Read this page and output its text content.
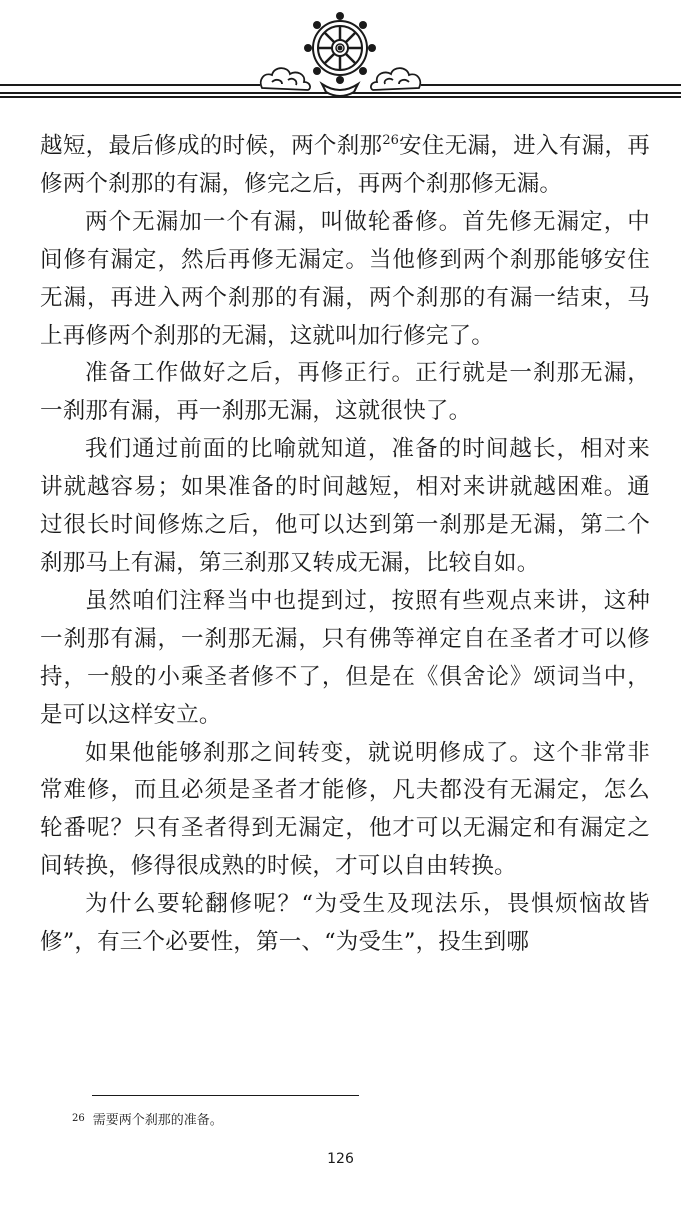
越短，最后修成的时候，两个刹那$^{26}$安住无漏，进入有漏，再修两个刹那的有漏，修完之后，再两个刹那修无漏。

两个无漏加一个有漏，叫做轮番修。首先修无漏定，中间修有漏定，然后再修无漏定。当他修到两个刹那能够安住无漏，再进入两个刹那的有漏，两个刹那的有漏一结束，马上再修两个刹那的无漏，这就叫加行修完了。

准备工作做好之后，再修正行。正行就是一刹那无漏，一刹那有漏，再一刹那无漏，这就很快了。

我们通过前面的比喻就知道，准备的时间越长，相对来讲就越容易；如果准备的时间越短，相对来讲就越困难。通过很长时间修炼之后，他可以达到第一刹那是无漏，第二个刹那马上有漏，第三刹那又转成无漏，比较自如。

虽然咱们注释当中也提到过，按照有些观点来讲，这种一刹那有漏，一刹那无漏，只有佛等禅定自在圣者才可以修持，一般的小乘圣者修不了，但是在《俱舍论》颂词当中，是可以这样安立。

如果他能够刹那之间转变，就说明修成了。这个非常非常难修，而且必须是圣者才能修，凡夫都没有无漏定，怎么轮番呢？只有圣者得到无漏定，他才可以无漏定和有漏定之间转换，修得很成熟的时候，才可以自由转换。

为什么要轮翻修呢？“为受生及现法乐，畏惧烦恼故皆修”，有三个必要性，第一、“为受生”，投生到哪

$^{26}$ 需要两个刹那的准备。
126
